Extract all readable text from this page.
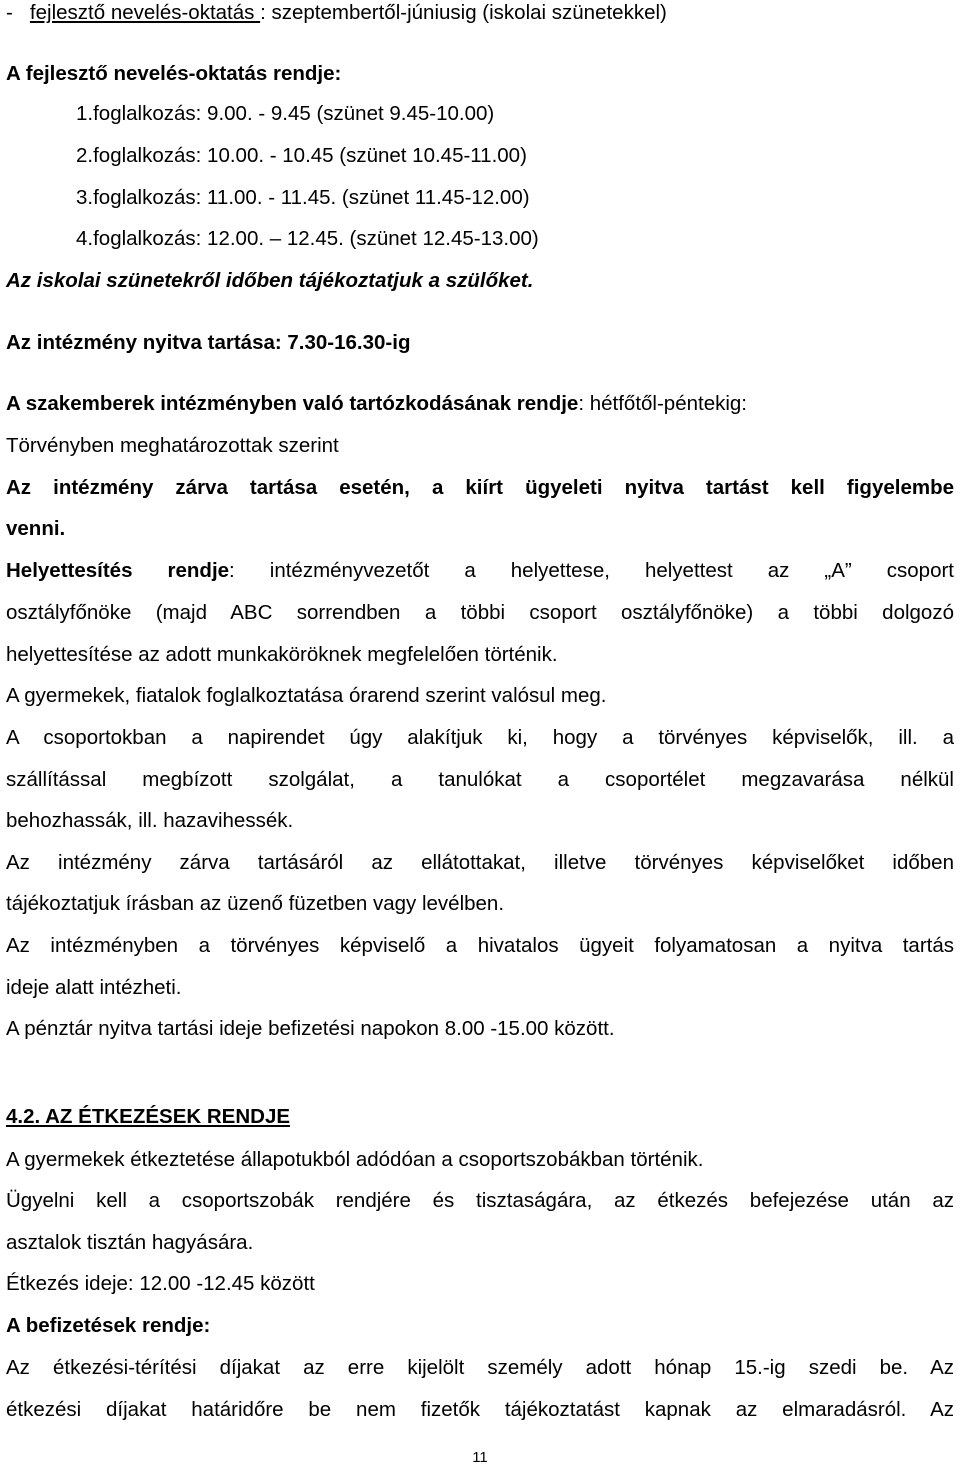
- fejlesztő nevelés-oktatás : szeptembertől-júniusig (iskolai szünetekkel)
A fejlesztő nevelés-oktatás rendje:
1.foglalkozás: 9.00. - 9.45 (szünet 9.45-10.00)
2.foglalkozás: 10.00. - 10.45 (szünet 10.45-11.00)
3.foglalkozás: 11.00. - 11.45. (szünet 11.45-12.00)
4.foglalkozás: 12.00. – 12.45. (szünet 12.45-13.00)
Az iskolai szünetekről időben tájékoztatjuk a szülőket.
Az intézmény nyitva tartása: 7.30-16.30-ig
A szakemberek intézményben való tartózkodásának rendje: hétfőtől-péntekig:
Törvényben meghatározottak szerint
Az intézmény zárva tartása esetén, a kiírt ügyeleti nyitva tartást kell figyelembe
venni.
Helyettesítés rendje: intézményvezetőt a helyettese, helyettest az „A” csoport
osztályfőnöke (majd ABC sorrendben a többi csoport osztályfőnöke) a többi dolgozó
helyettesítése az adott munkaköröknek megfelelően történik.
A gyermekek, fiatalok foglalkoztatása órarend szerint valósul meg.
A csoportokban a napirendet úgy alakítjuk ki, hogy a törvényes képviselők, ill. a
szállítással megbízott szolgálat, a tanulókat a csoportélet megzavarása nélkül
behozhassák, ill. hazavihessék.
Az intézmény zárva tartásáról az ellátottakat, illetve törvényes képviselőket időben
tájékoztatjuk írásban az üzenő füzetben vagy levélben.
Az intézményben a törvényes képviselő a hivatalos ügyeit folyamatosan a nyitva tartás
ideje alatt intézheti.
A pénztár nyitva tartási ideje befizetési napokon 8.00 -15.00 között.
4.2. AZ ÉTKEZÉSEK RENDJE
A gyermekek étkeztetése állapotukból adódóan a csoportszobákban történik.
Ügyelni kell a csoportszobák rendjére és tisztaságára, az étkezés befejezése után az
asztalok tisztán hagyására.
Étkezés ideje: 12.00 -12.45 között
A befizetések rendje:
Az étkezési-térítési díjakat az erre kijelölt személy adott hónap 15.-ig szedi be. Az
étkezési díjakat határidőre be nem fizetők tájékoztatást kapnak az elmaradásról. Az
11
